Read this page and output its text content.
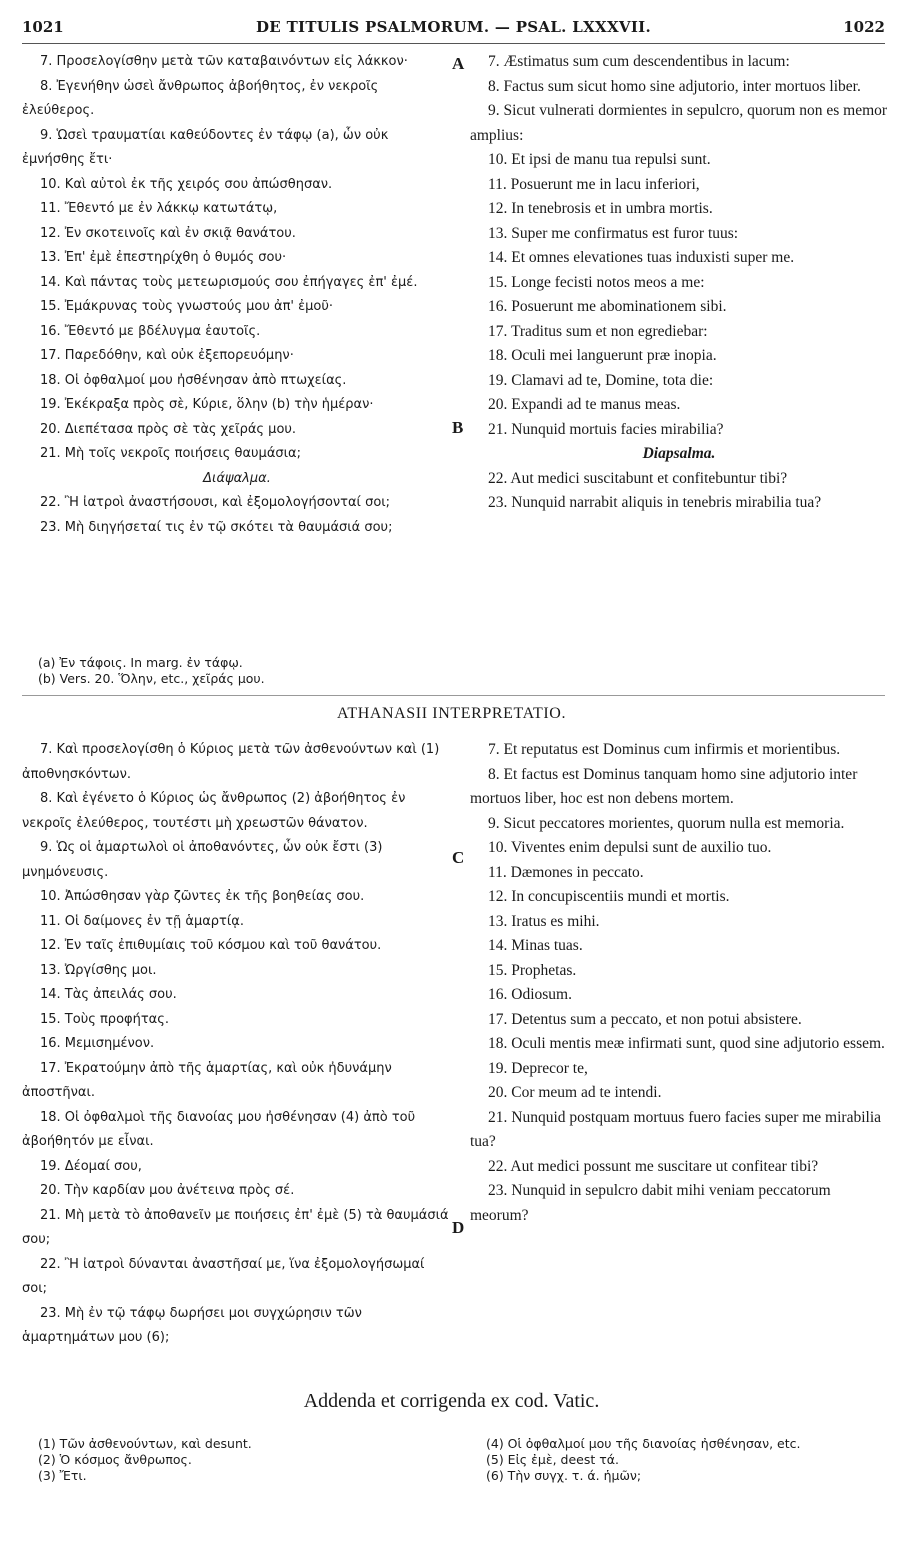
1021	DE TITULIS PSALMORUM. — PSAL. LXXXVII.	1022

7. Προσελογίσθην μετὰ τῶν καταβαινόντων εἰς λάκκον·

8. Ἐγενήθην ὡσεὶ ἄνθρωπος ἀβοήθητος, ἐν νεκροῖς ἐλεύθερος.

9. Ὡσεὶ τραυματίαι καθεύδοντες ἐν τάφῳ (a), ὧν οὐκ ἐμνήσθης ἔτι·

10. Καὶ αὐτοὶ ἐκ τῆς χειρός σου ἀπώσθησαν.

11. Ἔθεντό με ἐν λάκκῳ κατωτάτῳ,

12. Ἐν σκοτεινοῖς καὶ ἐν σκιᾷ θανάτου.

13. Ἐπ' ἐμὲ ἐπεστηρίχθη ὁ θυμός σου·

14. Καὶ πάντας τοὺς μετεωρισμούς σου ἐπήγαγες ἐπ' ἐμέ.

15. Ἐμάκρυνας τοὺς γνωστούς μου ἀπ' ἐμοῦ·

16. Ἔθεντό με βδέλυγμα ἑαυτοῖς.

17. Παρεδόθην, καὶ οὐκ ἐξεπορευόμην·

18. Οἱ ὀφθαλμοί μου ἠσθένησαν ἀπὸ πτωχείας.

19. Ἐκέκραξα πρὸς σὲ, Κύριε, ὅλην (b) τὴν ἡμέραν·

20. Διεπέτασα πρὸς σὲ τὰς χεῖράς μου.

21. Μὴ τοῖς νεκροῖς ποιήσεις θαυμάσια;

Διάψαλμα.

22. Ἢ ἰατροὶ ἀναστήσουσι, καὶ ἐξομολογήσονταί σοι;

23. Μὴ διηγήσεταί τις ἐν τῷ σκότει τὰ θαυμάσιά σου;

7. Æstimatus sum cum descendentibus in lacum:

8. Factus sum sicut homo sine adjutorio, inter mortuos liber.

9. Sicut vulnerati dormientes in sepulcro, quorum non es memor amplius:

10. Et ipsi de manu tua repulsi sunt.

11. Posuerunt me in lacu inferiori,

12. In tenebrosis et in umbra mortis.

13. Super me confirmatus est furor tuus:

14. Et omnes elevationes tuas induxisti super me.

15. Longe fecisti notos meos a me:

16. Posuerunt me abominationem sibi.

17. Traditus sum et non egrediebar:

18. Oculi mei languerunt præ inopia.

19. Clamavi ad te, Domine, tota die:

20. Expandi ad te manus meas.

21. Nunquid mortuis facies mirabilia?

Diapsalma.

22. Aut medici suscitabunt et confitebuntur tibi?

23. Nunquid narrabit aliquis in tenebris mirabilia tua?

(a) Ἐν τάφοις. In marg. ἐν τάφῳ.
(b) Vers. 20. Ὅλην, etc., χεῖράς μου.
ATHANASII INTERPRETATIO.

7. Καὶ προσελογίσθη ὁ Κύριος μετὰ τῶν ἀσθενούντων καὶ (1) ἀποθνησκόντων.

8. Καὶ ἐγένετο ὁ Κύριος ὡς ἄνθρωπος (2) ἀβοήθητος ἐν νεκροῖς ἐλεύθερος, τουτέστι μὴ χρεωστῶν θάνατον.

9. Ὡς οἱ ἁμαρτωλοὶ οἱ ἀποθανόντες, ὧν οὐκ ἔστι (3) μνημόνευσις.

10. Ἀπώσθησαν γὰρ ζῶντες ἐκ τῆς βοηθείας σου.

11. Οἱ δαίμονες ἐν τῇ ἁμαρτίᾳ.

12. Ἐν ταῖς ἐπιθυμίαις τοῦ κόσμου καὶ τοῦ θανάτου.

13. Ὠργίσθης μοι.

14. Τὰς ἀπειλάς σου.

15. Τοὺς προφήτας.

16. Μεμισημένον.

17. Ἐκρατούμην ἀπὸ τῆς ἁμαρτίας, καὶ οὐκ ἠδυνάμην ἀποστῆναι.

18. Οἱ ὀφθαλμοὶ τῆς διανοίας μου ἠσθένησαν (4) ἀπὸ τοῦ ἀβοήθητόν με εἶναι.

19. Δέομαί σου,

20. Τὴν καρδίαν μου ἀνέτεινα πρὸς σέ.

21. Μὴ μετὰ τὸ ἀποθανεῖν με ποιήσεις ἐπ' ἐμὲ (5) τὰ θαυμάσιά σου;

22. Ἢ ἰατροὶ δύνανται ἀναστῆσαί με, ἵνα ἐξομολογήσωμαί σοι;

23. Μὴ ἐν τῷ τάφῳ δωρήσει μοι συγχώρησιν τῶν ἁμαρτημάτων μου (6);

7. Et reputatus est Dominus cum infirmis et morientibus.

8. Et factus est Dominus tanquam homo sine adjutorio inter mortuos liber, hoc est non debens mortem.

9. Sicut peccatores morientes, quorum nulla est memoria.

10. Viventes enim depulsi sunt de auxilio tuo.

11. Dæmones in peccato.

12. In concupiscentiis mundi et mortis.

13. Iratus es mihi.

14. Minas tuas.

15. Prophetas.

16. Odiosum.

17. Detentus sum a peccato, et non potui absistere.

18. Oculi mentis meæ infirmati sunt, quod sine adjutorio essem.

19. Deprecor te,

20. Cor meum ad te intendi.

21. Nunquid postquam mortuus fuero facies super me mirabilia tua?

22. Aut medici possunt me suscitare ut confitear tibi?

23. Nunquid in sepulcro dabit mihi veniam peccatorum meorum?

A
B
C
D
Addenda et corrigenda ex cod. Vatic.
(1) Τῶν ἀσθενούντων, καὶ desunt.
(2) Ὁ κόσμος ἄνθρωπος.
(3) Ἔτι.
(4) Οἱ ὀφθαλμοί μου τῆς διανοίας ἠσθένησαν, etc.
(5) Εἰς ἐμὲ, deest τά.
(6) Τὴν συγχ. τ. ά. ἡμῶν;
